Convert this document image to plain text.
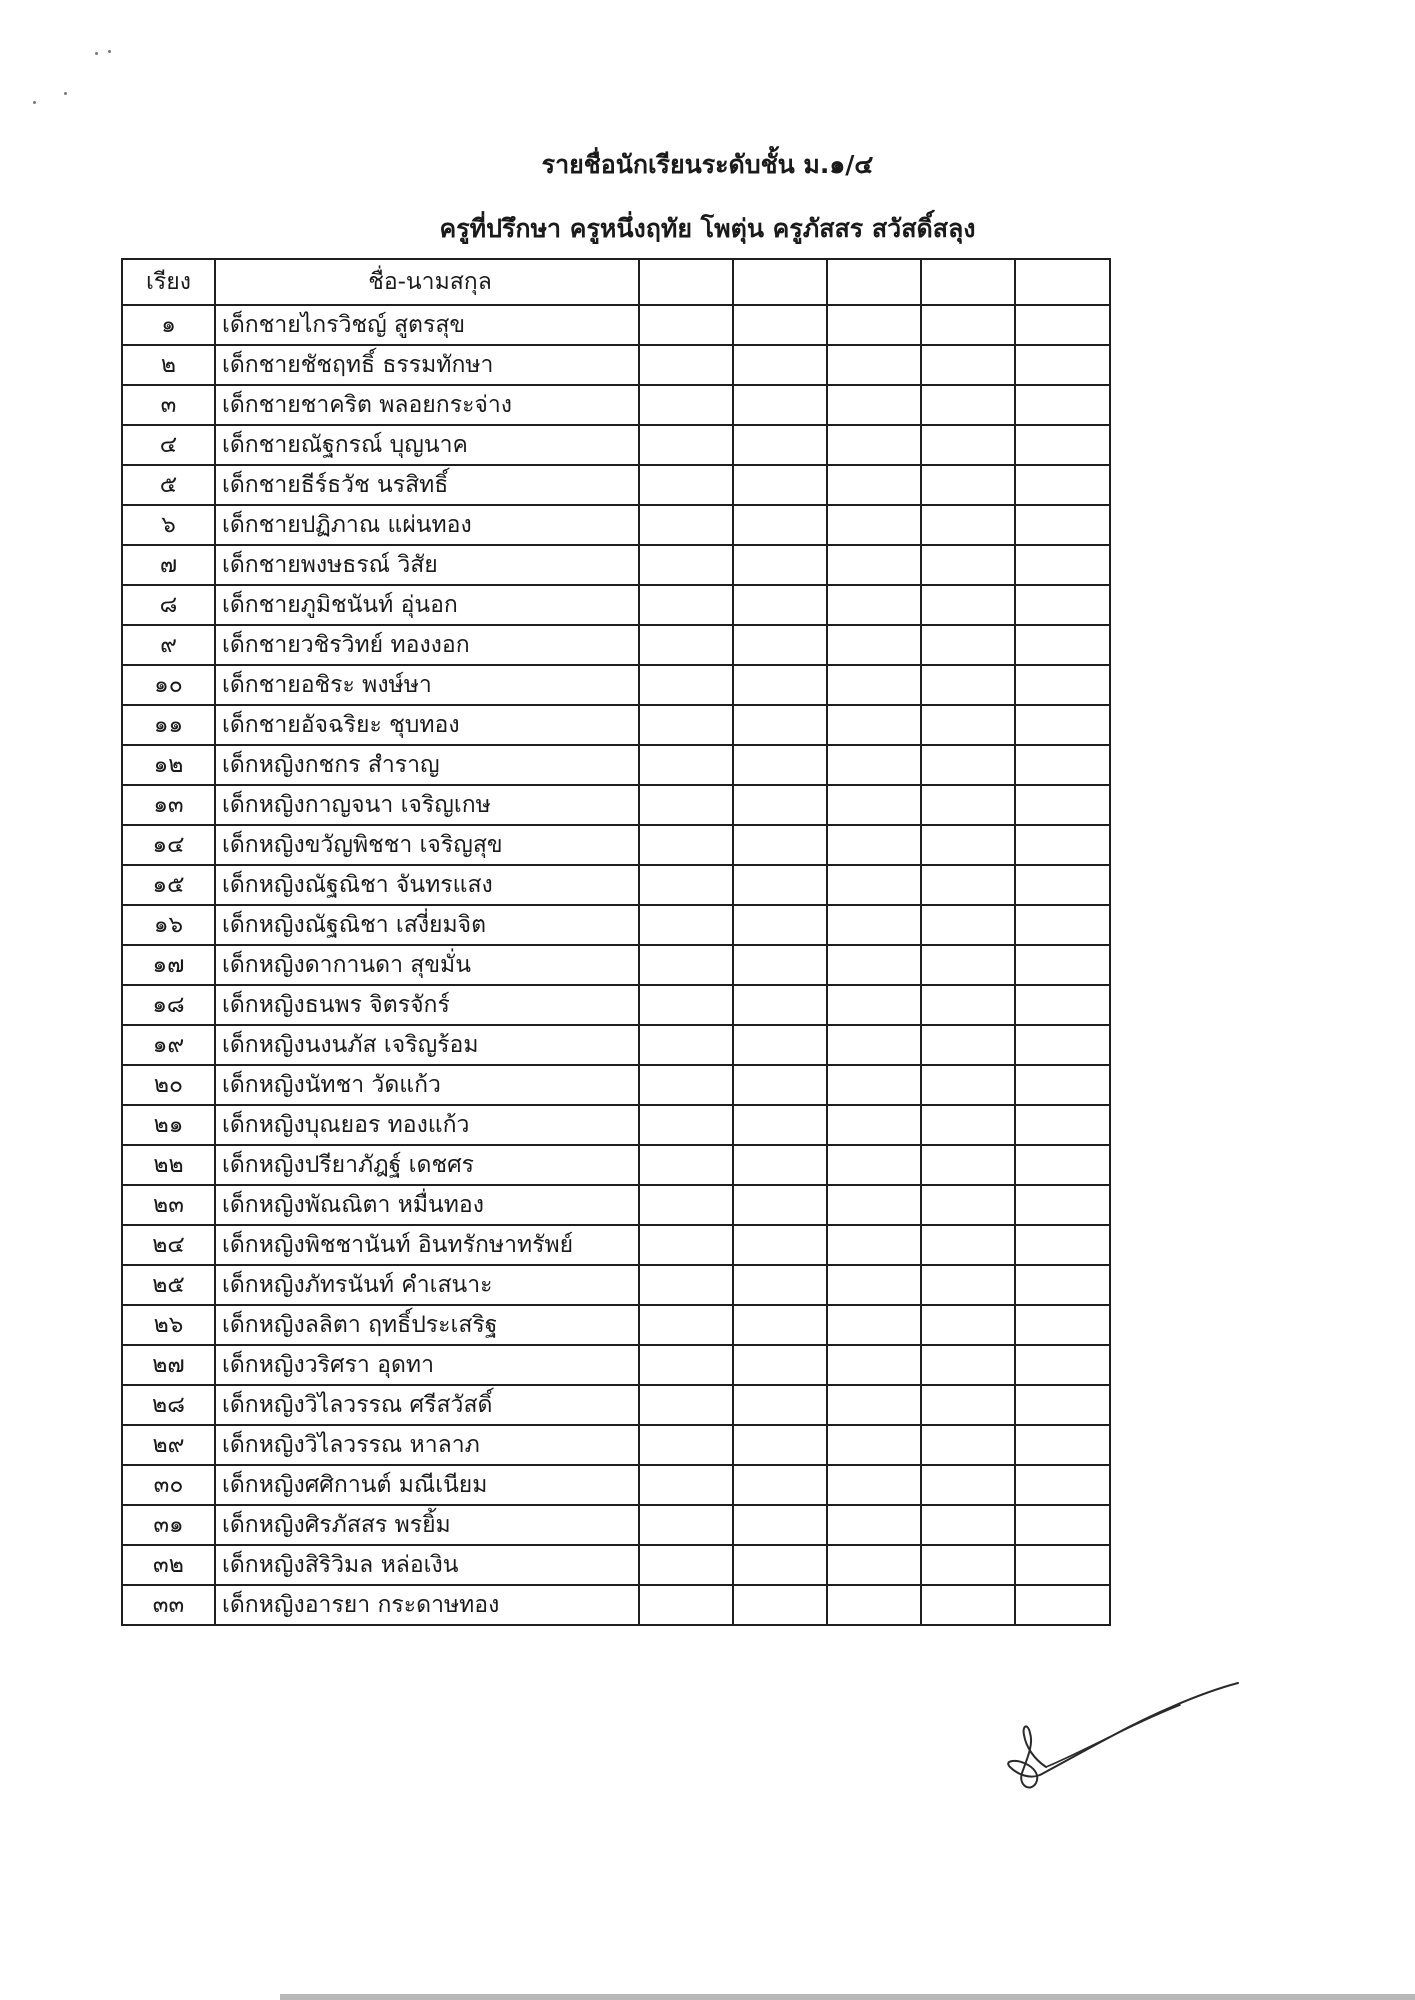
รายชื่อนักเรียนระดับชั้น ม.๑/๔
ครูที่ปรึกษา ครูหนึ่งฤทัย โพตุ่น ครูภัสสร สวัสดิ์สลุง
เรียง	ชื่อ-นามสกุล					
๑	เด็กชายไกรวิชญ์ สูตรสุข					
๒	เด็กชายชัชฤทธิ์ ธรรมทักษา					
๓	เด็กชายชาคริต พลอยกระจ่าง					
๔	เด็กชายณัฐกรณ์ บุญนาค					
๕	เด็กชายธีร์ธวัช นรสิทธิ์					
๖	เด็กชายปฏิภาณ แผ่นทอง					
๗	เด็กชายพงษธรณ์ วิสัย					
๘	เด็กชายภูมิชนันท์ อุ่นอก					
๙	เด็กชายวชิรวิทย์ ทองงอก					
๑๐	เด็กชายอชิระ พงษ์ษา					
๑๑	เด็กชายอัจฉริยะ ชุบทอง					
๑๒	เด็กหญิงกชกร สำราญ					
๑๓	เด็กหญิงกาญจนา เจริญเกษ					
๑๔	เด็กหญิงขวัญพิชชา เจริญสุข					
๑๕	เด็กหญิงณัฐณิชา จันทรแสง					
๑๖	เด็กหญิงณัฐณิชา เสงี่ยมจิต					
๑๗	เด็กหญิงดากานดา สุขมั่น					
๑๘	เด็กหญิงธนพร จิตรจักร์					
๑๙	เด็กหญิงนงนภัส เจริญร้อม					
๒๐	เด็กหญิงนัทชา วัดแก้ว					
๒๑	เด็กหญิงบุณยอร ทองแก้ว					
๒๒	เด็กหญิงปรียาภัฎฐ์ เดชศร					
๒๓	เด็กหญิงพัณณิตา หมื่นทอง					
๒๔	เด็กหญิงพิชชานันท์ อินทรักษาทรัพย์					
๒๕	เด็กหญิงภัทรนันท์ คำเสนาะ					
๒๖	เด็กหญิงลลิตา ฤทธิ์ประเสริฐ					
๒๗	เด็กหญิงวริศรา อุดทา					
๒๘	เด็กหญิงวิไลวรรณ ศรีสวัสดิ์					
๒๙	เด็กหญิงวิไลวรรณ หาลาภ					
๓๐	เด็กหญิงศศิกานต์ มณีเนียม					
๓๑	เด็กหญิงศิรภัสสร พรยิ้ม					
๓๒	เด็กหญิงสิริวิมล หล่อเงิน					
๓๓	เด็กหญิงอารยา กระดาษทอง					
